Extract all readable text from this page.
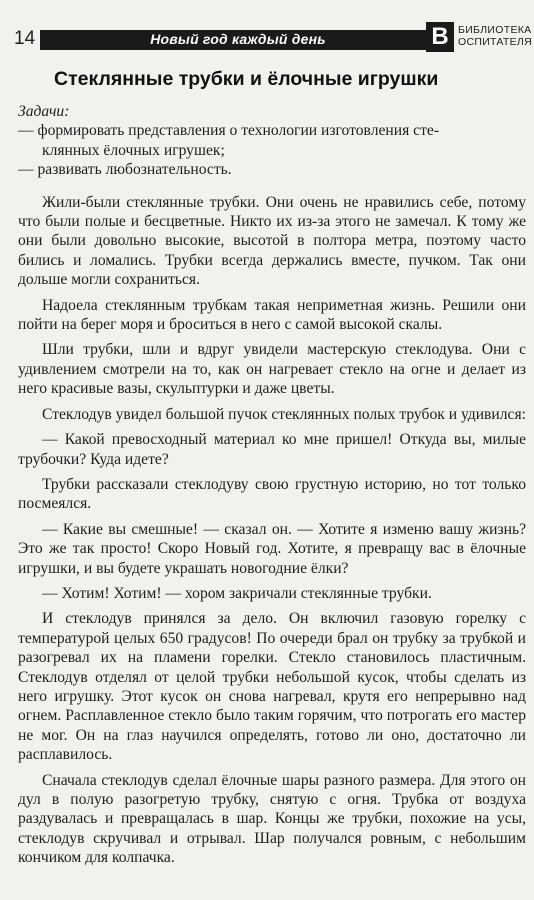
14	Новый год каждый день	B БИБЛИОТЕКА
ОСПИТАТЕЛЯ
Стеклянные трубки и ёлочные игрушки

Задачи:

— формировать представления о технологии изготовления сте-

клянных ёлочных игрушек;

— развивать любознательность.

Жили-были стеклянные трубки. Они очень не нравились себе, потому что были полые и бесцветные. Никто их из-за этого не замечал. К тому же они были довольно высокие, высотой в полтора метра, поэтому часто бились и ломались. Трубки всегда держались вместе, пучком. Так они дольше могли сохраниться.

Надоела стеклянным трубкам такая неприметная жизнь. Решили они пойти на берег моря и броситься в него с самой высокой скалы.

Шли трубки, шли и вдруг увидели мастерскую стеклодува. Они с удивлением смотрели на то, как он нагревает стекло на огне и делает из него красивые вазы, скульптурки и даже цветы.

Стеклодув увидел большой пучок стеклянных полых трубок и удивился:

— Какой превосходный материал ко мне пришел! Откуда вы, милые трубочки? Куда идете?

Трубки рассказали стеклодуву свою грустную историю, но тот только посмеялся.

— Какие вы смешные! — сказал он. — Хотите я изменю вашу жизнь? Это же так просто! Скоро Новый год. Хотите, я превращу вас в ёлочные игрушки, и вы будете украшать новогодние ёлки?

— Хотим! Хотим! — хором закричали стеклянные трубки.

И стеклодув принялся за дело. Он включил газовую горелку с температурой целых 650 градусов! По очереди брал он трубку за трубкой и разогревал их на пламени горелки. Стекло становилось пластичным. Стеклодув отделял от целой трубки небольшой кусок, чтобы сделать из него игрушку. Этот кусок он снова нагревал, крутя его непрерывно над огнем. Расплавленное стекло было таким горячим, что потрогать его мастер не мог. Он на глаз научился определять, готово ли оно, достаточно ли расплавилось.

Сначала стеклодув сделал ёлочные шары разного размера. Для этого он дул в полую разогретую трубку, снятую с огня. Трубка от воздуха раздувалась и превращалась в шар. Концы же трубки, похожие на усы, стеклодув скручивал и отрывал. Шар получался ровным, с небольшим кончиком для колпачка.
